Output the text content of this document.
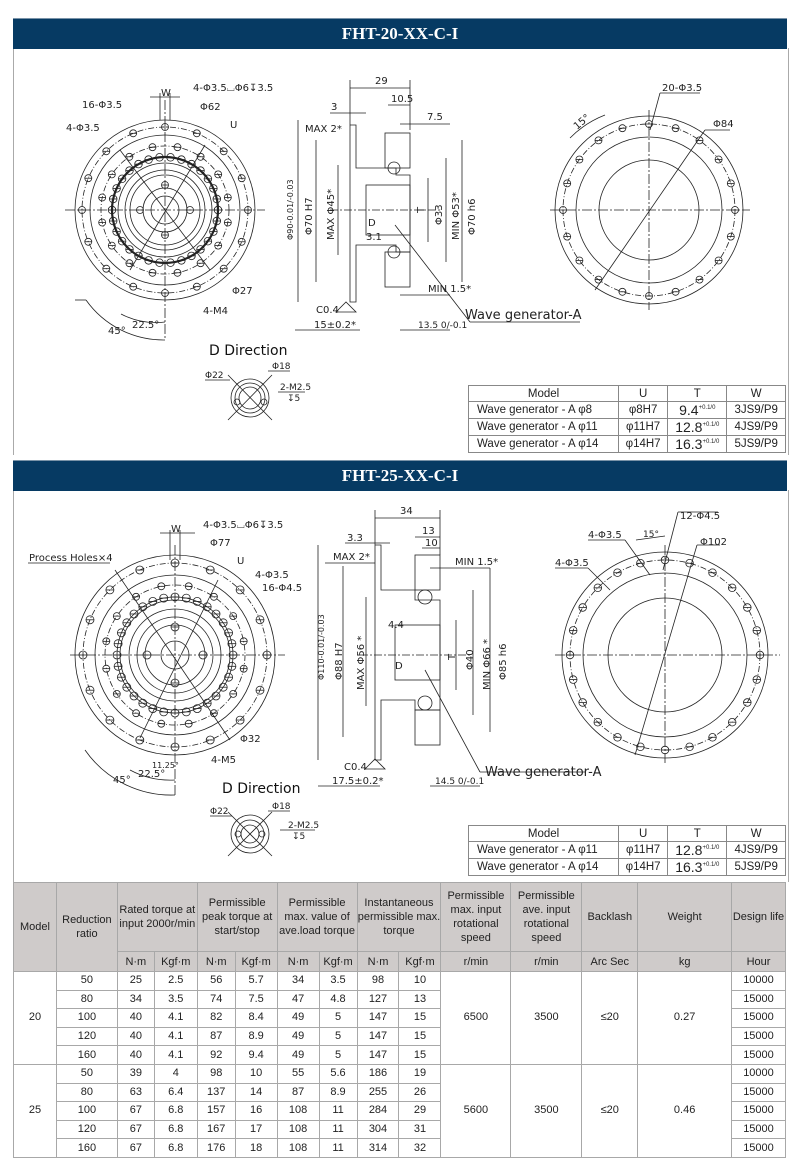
FHT-20-XX-C-I
W 4-Φ3.5⌴Φ6↧3.5
16-Φ3.5
4-Φ3.5
Φ62
U
Φ27
4-M4
22.5°
45°
29
10.5
3
7.5
MAX 2*
Φ90-0.01/-0.03 Φ70 H7 MAX Φ45*	Φ33
T MIN Φ53* Φ70 h6
D
3.1
MIN 1.5*
C0.4
15±0.2*	13.5 0/-0.1
Wave generator-A
20-Φ3.5
Φ84
15°
Φ22
Φ18
2-M2.5
↧5
D Direction
Model	U	T	W
Wave generator - A φ8	φ8H7	$9.4^{+0.1/0}$	3JS9/P9
Wave generator - A φ11	φ11H7	$12.8^{+0.1/0}$	4JS9/P9
Wave generator - A φ14	φ14H7	$16.3^{+0.1/0}$	5JS9/P9
FHT-25-XX-C-I
W 4-Φ3.5⌴Φ6↧3.5
Process Holes×4
Φ77
U
4-Φ3.5
16-Φ4.5
Φ32
4-M5
11.25°
22.5°
45°
34
13
10
3.3
MAX 2*	MIN 1.5*
Φ110-0.01/-0.03 Φ88 H7 MAX Φ56 *
4.4
Φ40
T MIN Φ66 * Φ85 h6
D
C0.4
17.5±0.2*	14.5 0/-0.1
Wave generator-A
12-Φ4.5
4-Φ3.5
4-Φ3.5
Φ102
15°
Φ22	Φ18
2-M2.5
↧5
D Direction
Model	U	T	W
Wave generator - A φ11	φ11H7	$12.8^{+0.1/0}$	4JS9/P9
Wave generator - A φ14	φ14H7	$16.3^{+0.1/0}$	5JS9/P9
Model	Reduction ratio	Rated torque at input 2000r/min		Permissible peak torque at start/stop		Permissible max. value of ave.load torque		Instantaneous permissible max. torque		Permissible max. input rotational speed	Permissible ave. input rotational speed	Backlash	Weight	Design life
		N·m	Kgf·m	N·m	Kgf·m	N·m	Kgf·m	N·m	Kgf·m	r/min	r/min	Arc Sec	kg	Hour
20	50	25	2.5	56	5.7	34	3.5	98	10	6500	3500	≤20	0.27	10000
	80	34	3.5	74	7.5	47	4.8	127	13					15000
	100	40	4.1	82	8.4	49	5	147	15					15000
	120	40	4.1	87	8.9	49	5	147	15					15000
	160	40	4.1	92	9.4	49	5	147	15					15000
25	50	39	4	98	10	55	5.6	186	19	5600	3500	≤20	0.46	10000
	80	63	6.4	137	14	87	8.9	255	26					15000
	100	67	6.8	157	16	108	11	284	29					15000
	120	67	6.8	167	17	108	11	304	31					15000
	160	67	6.8	176	18	108	11	314	32					15000
